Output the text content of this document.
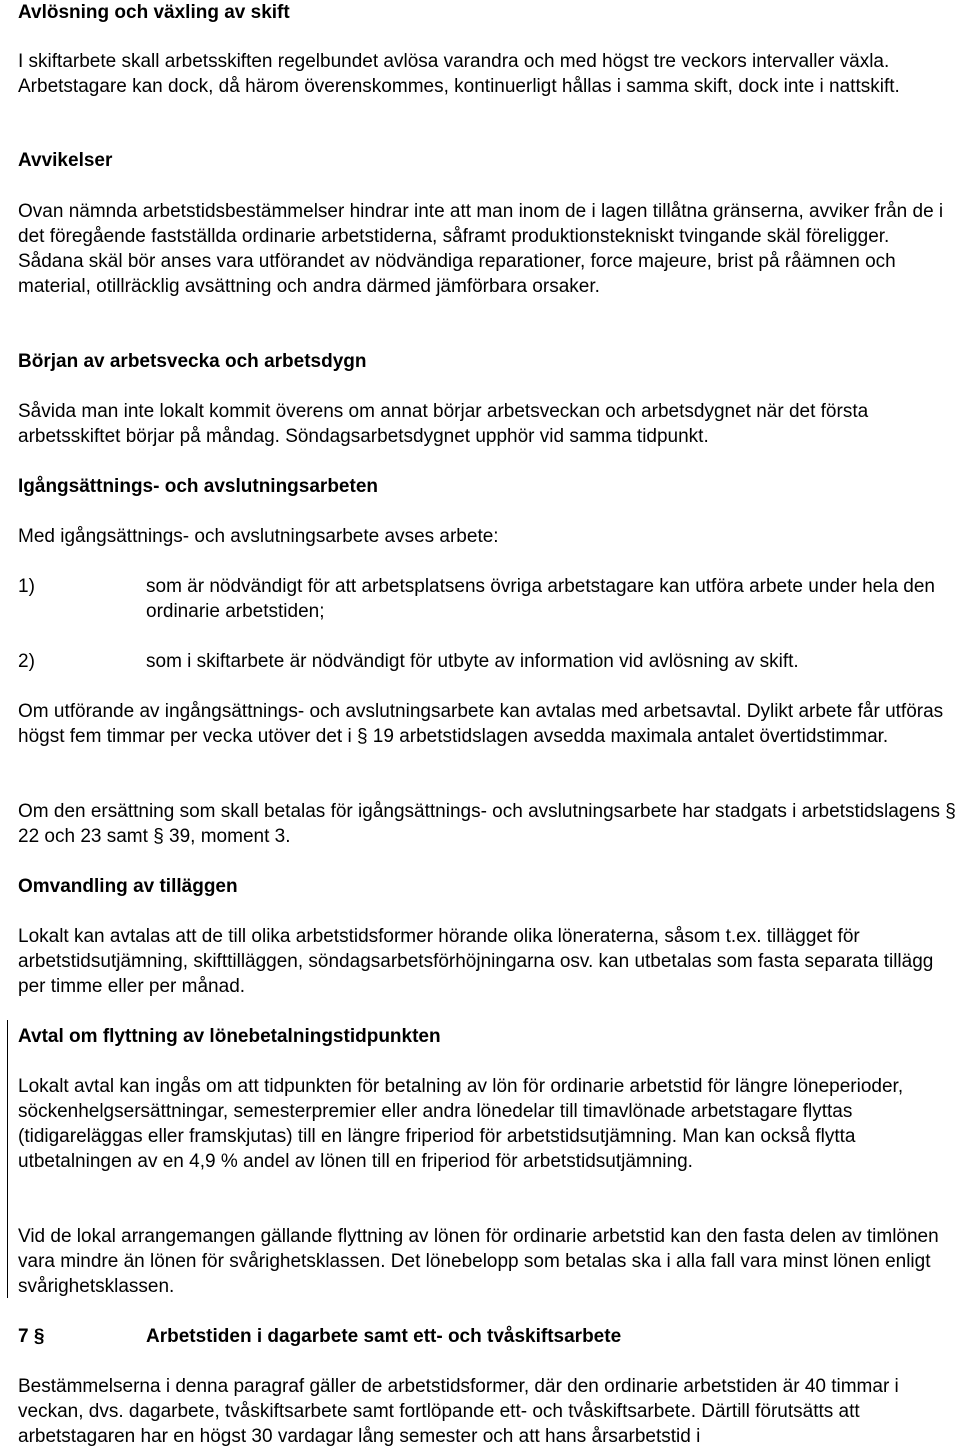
Avlösning och växling av skift
I skiftarbete skall arbetsskiften regelbundet avlösa varandra och med högst tre veckors intervaller växla. Arbetstagare kan dock, då härom överenskommes, kontinuerligt hållas i samma skift, dock inte i nattskift.
Avvikelser
Ovan nämnda arbetstidsbestämmelser hindrar inte att man inom de i lagen tillåtna gränserna, avviker från de i det föregående fastställda ordinarie arbetstiderna, såframt produktionstekniskt tvingande skäl föreligger. Sådana skäl bör anses vara utförandet av nödvändiga reparationer, force majeure, brist på råämnen och material, otillräcklig avsättning och andra därmed jämförbara orsaker.
Början av arbetsvecka och arbetsdygn
Såvida man inte lokalt kommit överens om annat börjar arbetsveckan och arbetsdygnet när det första arbetsskiftet börjar på måndag. Söndagsarbetsdygnet upphör vid samma tidpunkt.
Igångsättnings- och avslutningsarbeten
Med igångsättnings- och avslutningsarbete avses arbete:
1)	som är nödvändigt för att arbetsplatsens övriga arbetstagare kan utföra arbete under hela den ordinarie arbetstiden;
2)	som i skiftarbete är nödvändigt för utbyte av information vid avlösning av skift.
Om utförande av ingångsättnings- och avslutningsarbete kan avtalas med arbetsavtal. Dylikt arbete får utföras högst fem timmar per vecka utöver det i § 19 arbetstidslagen avsedda maximala antalet övertidstimmar.
Om den ersättning som skall betalas för igångsättnings- och avslutningsarbete har stadgats i arbetstidslagens § 22 och 23 samt § 39, moment 3.
Omvandling av tilläggen
Lokalt kan avtalas att de till olika arbetstidsformer hörande olika löneraterna, såsom t.ex. tillägget för arbetstidsutjämning, skifttilläggen, söndagsarbetsförhöjningarna osv. kan utbetalas som fasta separata tillägg per timme eller per månad.
Avtal om flyttning av lönebetalningstidpunkten
Lokalt avtal kan ingås om att tidpunkten för betalning av lön för ordinarie arbetstid för längre löneperioder, söckenhelgsersättningar, semesterpremier eller andra lönedelar till timavlönade arbetstagare flyttas (tidigareläggas eller framskjutas) till en längre friperiod för arbetstidsutjämning. Man kan också flytta utbetalningen av en 4,9 % andel av lönen till en friperiod för arbetstidsutjämning.
Vid de lokal arrangemangen gällande flyttning av lönen för ordinarie arbetstid kan den fasta delen av timlönen vara mindre än lönen för svårighetsklassen. Det lönebelopp som betalas ska i alla fall vara minst lönen enligt svårighetsklassen.
7 §	Arbetstiden i dagarbete samt ett- och tvåskiftsarbete
Bestämmelserna i denna paragraf gäller de arbetstidsformer, där den ordinarie arbetstiden är 40 timmar i veckan, dvs. dagarbete, tvåskiftsarbete samt fortlöpande ett- och tvåskiftsarbete. Därtill förutsätts att arbetstagaren har en högst 30 vardagar lång semester och att hans årsarbetstid i
